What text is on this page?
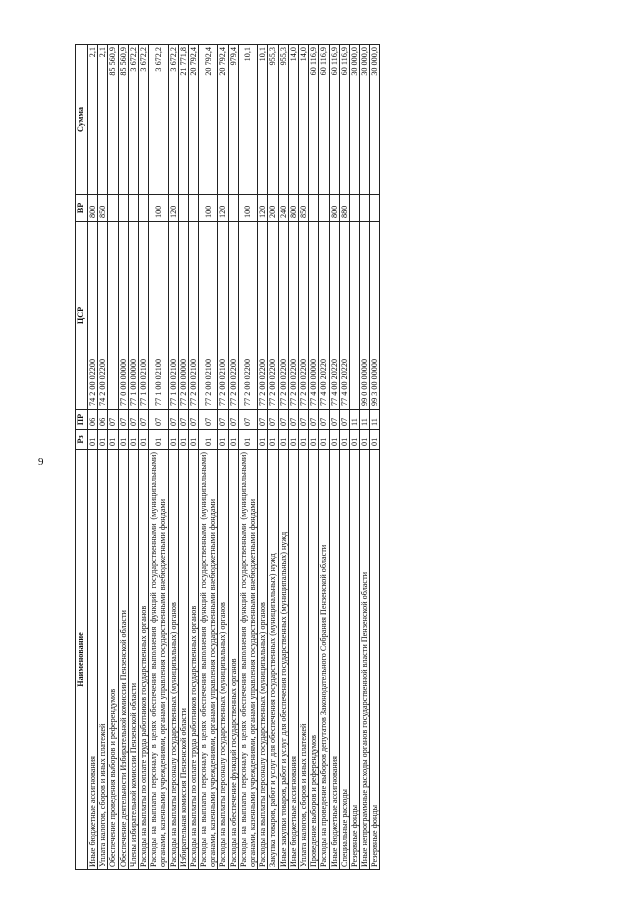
9
Наименование	Рз	ПР	ЦСР	ВР	Сумма
Иные бюджетные ассигнования	01	06	74 2 00 02200	800	2,1
Уплата налогов, сборов и иных платежей	01	06	74 2 00 02200	850	2,1
Обеспечение проведения выборов и референдумов	01	07			85 560,9
Обеспечение деятельности Избирательной комиссии Пензенской области	01	07	77 0 00 00000		85 560,9
Члены избирательной комиссии Пензенской области	01	07	77 1 00 00000		3 672,2
Расходы на выплаты по оплате труда работников государственных органов	01	07	77 1 00 02100		3 672,2
Расходы на выплаты персоналу в целях обеспечения выполнения функций государственными (муниципальными) органами, казенными учреждениями, органами управления государственными внебюджетными фондами	01	07	77 1 00 02100	100	3 672,2
Расходы на выплаты персоналу государственных (муниципальных) органов	01	07	77 1 00 02100	120	3 672,2
Избирательная комиссия Пензенской области	01	07	77 2 00 00000		21 771,8
Расходы на выплаты по оплате труда работников государственных органов	01	07	77 2 00 02100		20 792,4
Расходы на выплаты персоналу в целях обеспечения выполнения функций государственными (муниципальными) органами, казенными учреждениями, органами управления государственными внебюджетными фондами	01	07	77 2 00 02100	100	20 792,4
Расходы на выплаты персоналу государственных (муниципальных) органов	01	07	77 2 00 02100	120	20 792,4
Расходы на обеспечение функций государственных органов	01	07	77 2 00 02200		979,4
Расходы на выплаты персоналу в целях обеспечения выполнения функций государственными (муниципальными) органами, казенными учреждениями, органами управления государственными внебюджетными фондами	01	07	77 2 00 02200	100	10,1
Расходы на выплаты персоналу государственных (муниципальных) органов	01	07	77 2 00 02200	120	10,1
Закупка товаров, работ и услуг для обеспечения государственных (муниципальных) нужд	01	07	77 2 00 02200	200	955,3
Иные закупки товаров, работ и услуг для обеспечения государственных (муниципальных) нужд	01	07	77 2 00 02200	240	955,3
Иные бюджетные ассигнования	01	07	77 2 00 02200	800	14,0
Уплата налогов, сборов и иных платежей	01	07	77 2 00 02200	850	14,0
Проведение выборов и референдумов	01	07	77 4 00 00000		60 116,9
Расходы на проведение выборов депутатов Законодательного Собрания Пензенской области	01	07	77 4 00 20220		60 116,9
Иные бюджетные ассигнования	01	07	77 4 00 20220	800	60 116,9
Специальные расходы	01	07	77 4 00 20220	880	60 116,9
Резервные фонды	01	11			30 000,0
Иные непрограммные расходы органов государственной власти Пензенской области	01	11	99 0 00 00000		30 000,0
Резервные фонды	01	11	99 3 00 00000		30 000,0
